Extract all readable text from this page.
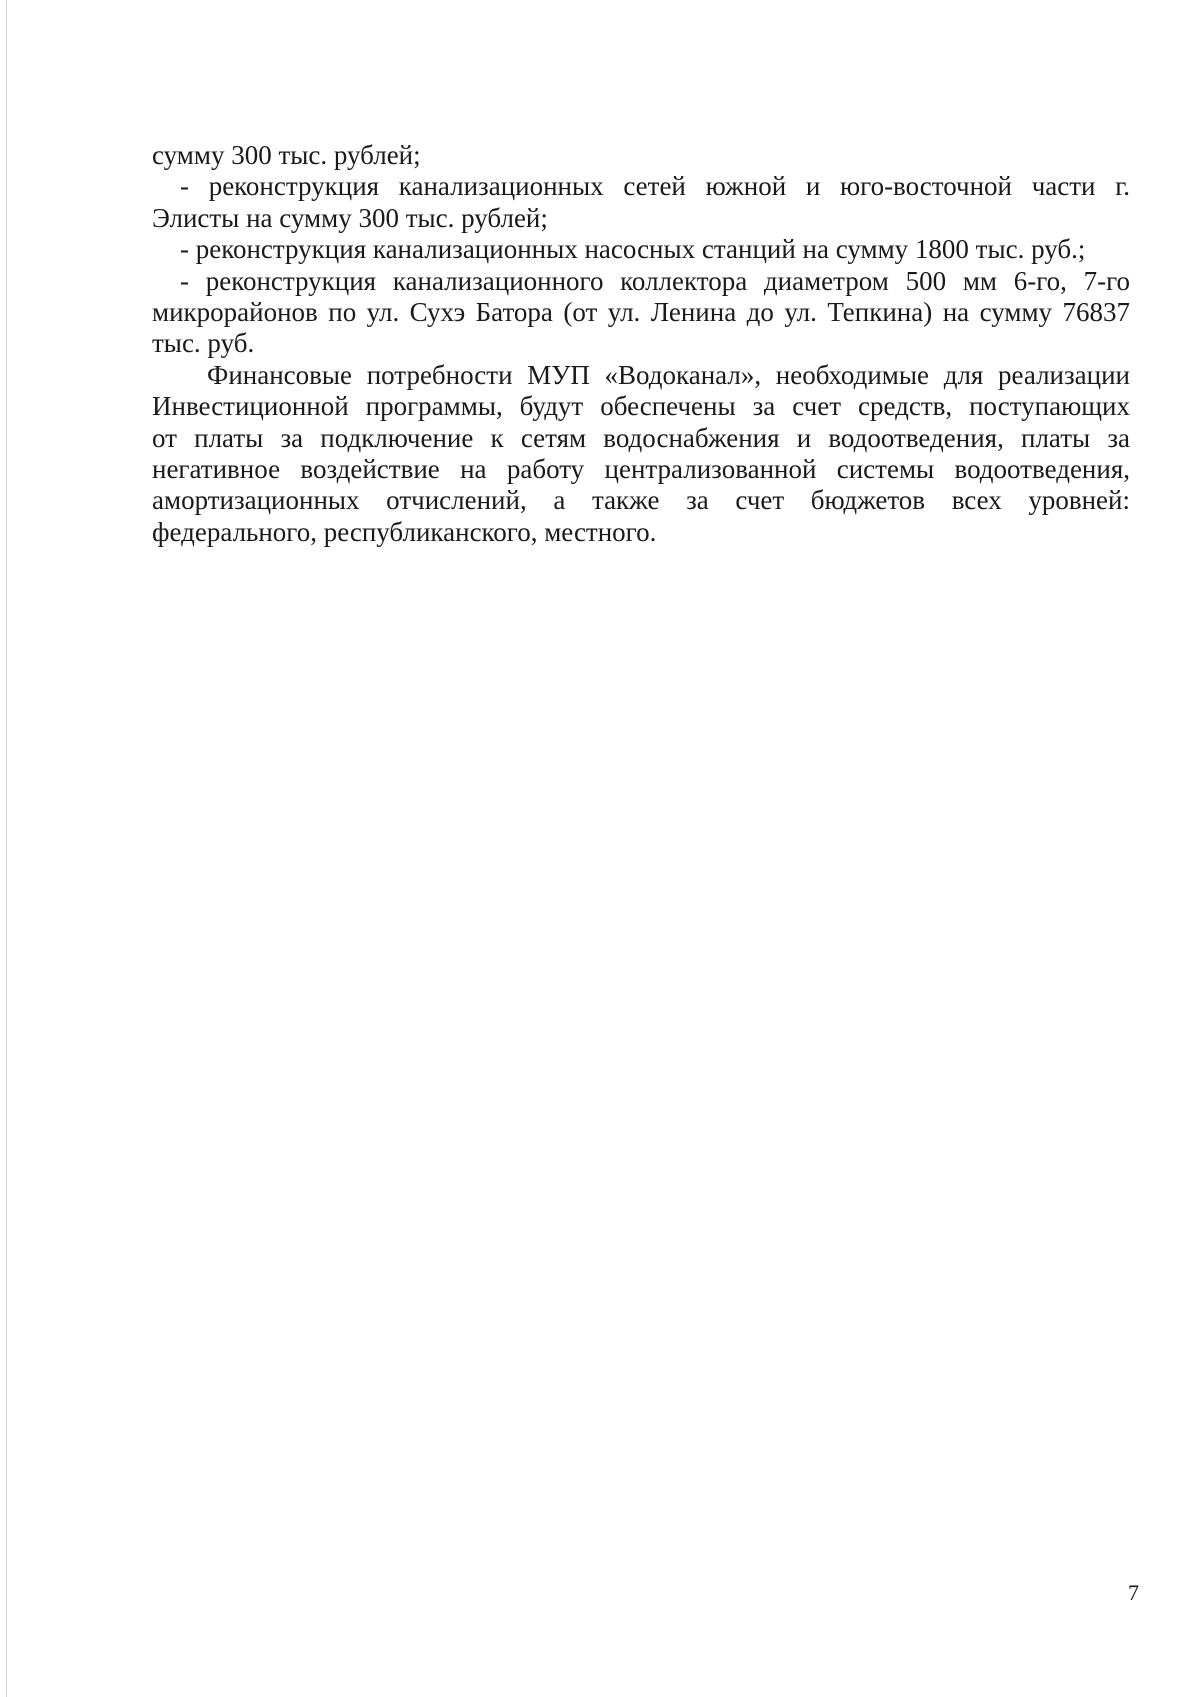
сумму 300 тыс. рублей;
- реконструкция канализационных сетей южной и юго-восточной части г.
Элисты на сумму 300 тыс. рублей;
- реконструкция канализационных насосных станций на сумму 1800 тыс. руб.;
- реконструкция канализационного коллектора диаметром 500 мм 6-го, 7-го
микрорайонов по ул. Сухэ Батора (от ул. Ленина до ул. Тепкина) на сумму 76837
тыс. руб.
Финансовые потребности МУП «Водоканал», необходимые для реализации
Инвестиционной программы, будут обеспечены за счет средств, поступающих
от платы за подключение к сетям водоснабжения и водоотведения, платы за
негативное воздействие на работу централизованной системы водоотведения,
амортизационных отчислений, а также за счет бюджетов всех уровней:
федерального, республиканского, местного.
7
